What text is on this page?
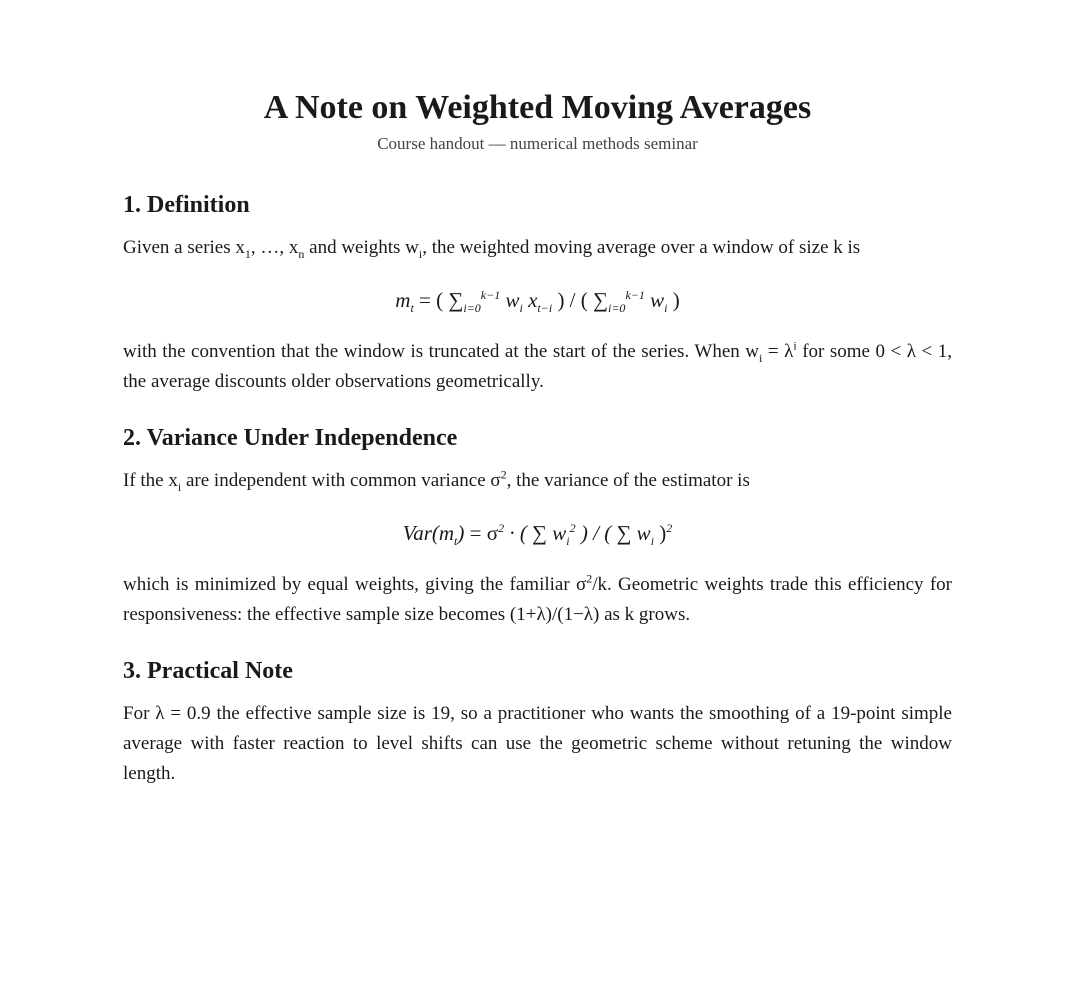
A Note on Weighted Moving Averages
Course handout — numerical methods seminar
1. Definition

Given a series $x_1$, …, $x_n$ and weights $w_i$, the weighted moving average over a window of size k is

$m_t$ = ( $\sum_{i=0}^{k-1}$ $w_i$ $x_{t-i}$ ) / ( $\sum_{i=0}^{k-1}$ $w_i$ )

with the convention that the window is truncated at the start of the series. When $w_i = \lambda^i$ for some 0 < λ < 1, the average discounts older observations geometrically.

2. Variance Under Independence

If the $x_i$ are independent with common variance $\sigma^2$, the variance of the estimator is

$Var(m_t) = \sigma^2$ · ( ∑ $w_i^2$ ) / ( ∑ $w_i$ )$^2$

which is minimized by equal weights, giving the familiar $\sigma^2/k$. Geometric weights trade this efficiency for responsiveness: the effective sample size becomes (1+λ)/(1−λ) as k grows.

3. Practical Note

For λ = 0.9 the effective sample size is 19, so a practitioner who wants the smoothing of a 19-point simple average with faster reaction to level shifts can use the geometric scheme without retuning the window length.
